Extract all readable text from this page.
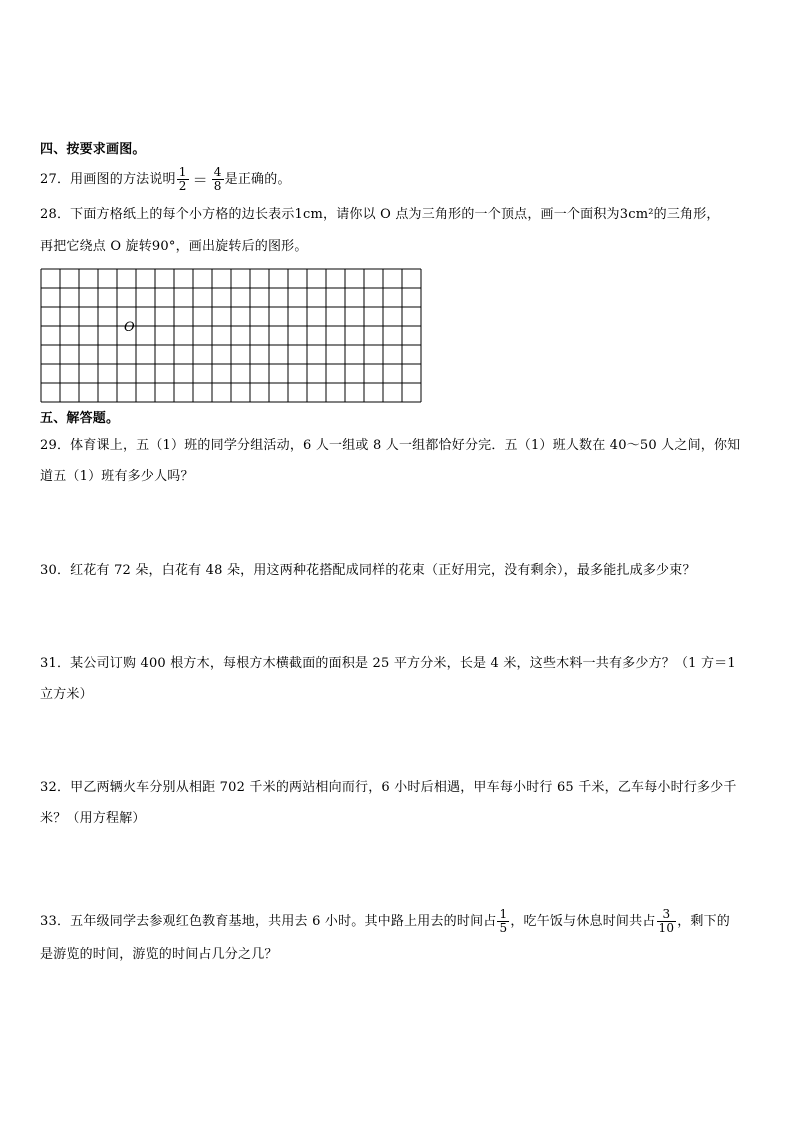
四、按要求画图。
27．用画图的方法说明 $\frac{1}{2} = \frac{4}{8}$ 是正确的。
28．下面方格纸上的每个小方格的边长表示1cm，请你以 O 点为三角形的一个顶点，画一个面积为3cm²的三角形，
再把它绕点 O 旋转90°，画出旋转后的图形。
O
五、解答题。
29．体育课上，五（1）班的同学分组活动，6 人一组或 8 人一组都恰好分完．五（1）班人数在 40～50 人之间，你知
道五（1）班有多少人吗？
30．红花有 72 朵，白花有 48 朵，用这两种花搭配成同样的花束（正好用完，没有剩余），最多能扎成多少束？
31．某公司订购 400 根方木，每根方木横截面的面积是 25 平方分米，长是 4 米，这些木料一共有多少方？（1 方＝1
立方米）
32．甲乙两辆火车分别从相距 702 千米的两站相向而行，6 小时后相遇，甲车每小时行 65 千米，乙车每小时行多少千
米？（用方程解）
33．五年级同学去参观红色教育基地，共用去 6 小时。其中路上用去的时间占 $\frac{1}{5}$ ，吃午饭与休息时间共占 $\frac{3}{10}$ ，剩下的
是游览的时间，游览的时间占几分之几？
